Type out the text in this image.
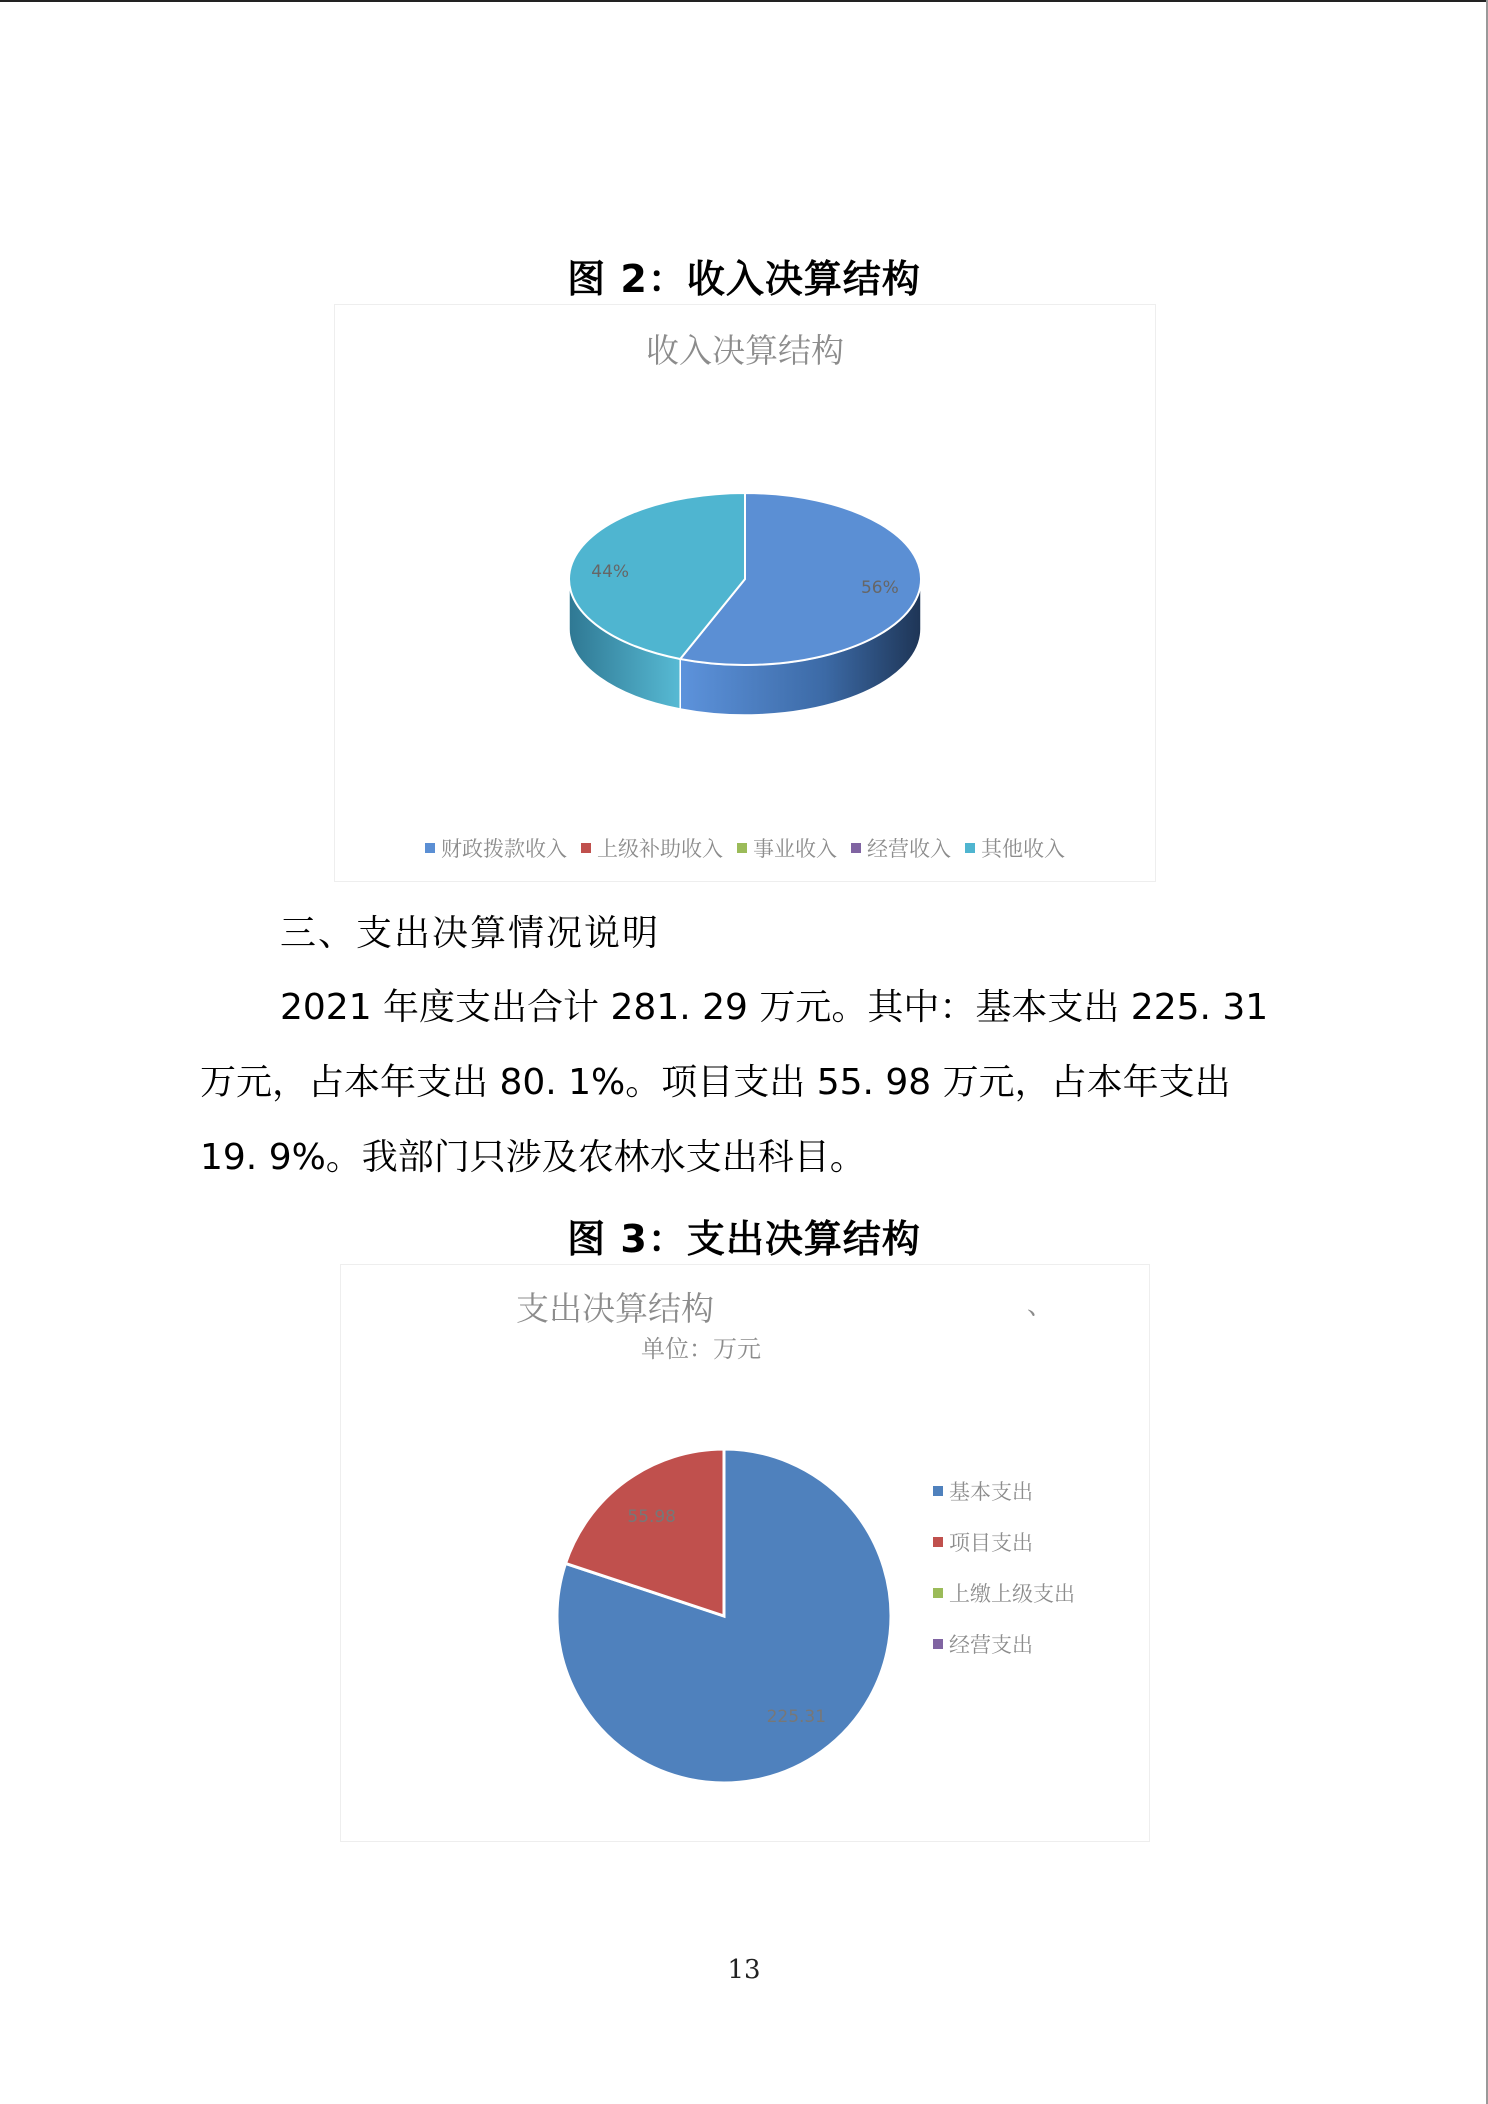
图 2：收入决算结构
收入决算结构
56%
44%
财政拨款收入 上级补助收入 事业收入 经营收入 其他收入
三、支出决算情况说明
2021 年度支出合计 281. 29 万元。其中：基本支出 225. 31
万元，占本年支出 80. 1%。项目支出 55. 98 万元，占本年支出
19. 9%。我部门只涉及农林水支出科目。
图 3：支出决算结构
支出决算结构
单位：万元
、
225.31
55.98
基本支出
项目支出
上缴上级支出
经营支出
13
